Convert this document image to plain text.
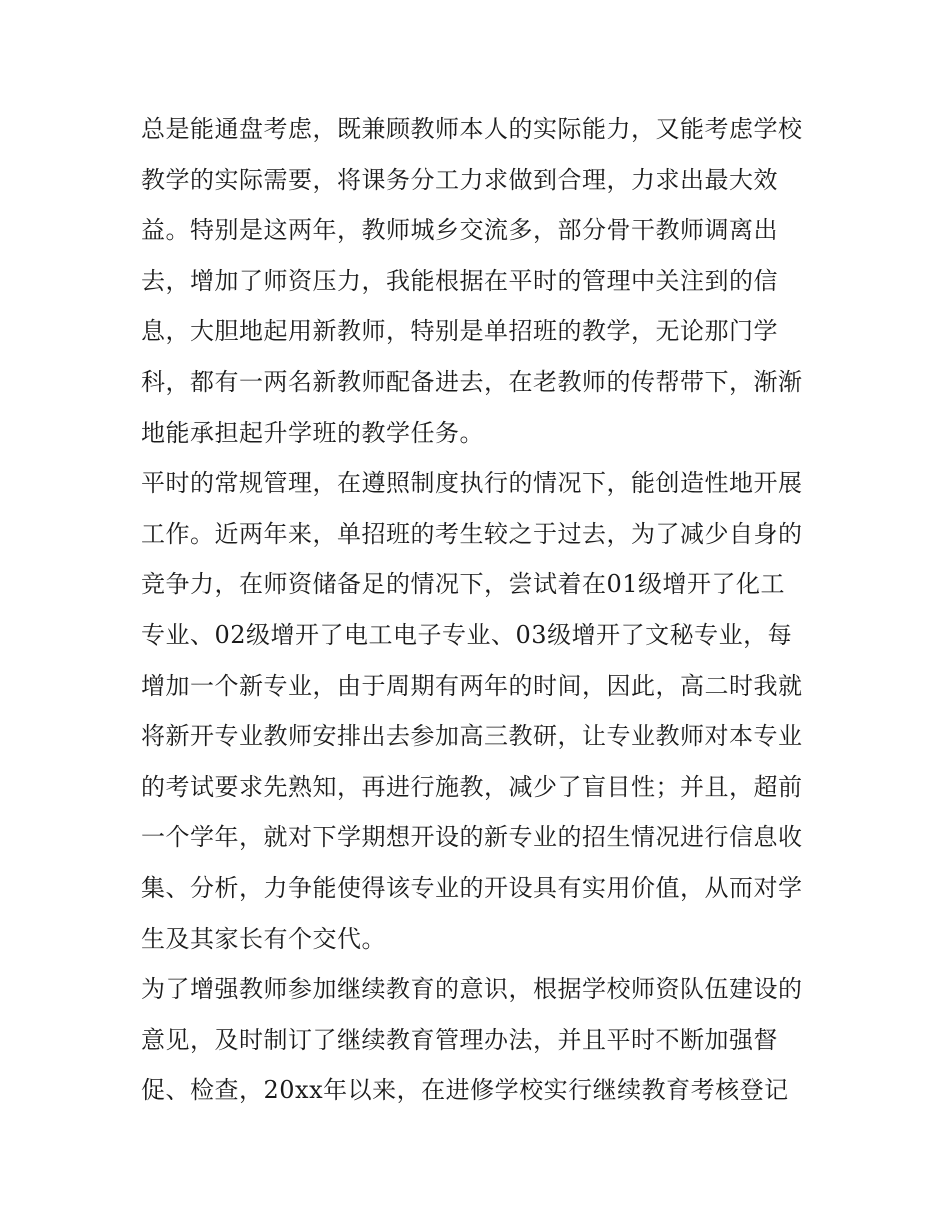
总是能通盘考虑，既兼顾教师本人的实际能力，又能考虑学校
教学的实际需要，将课务分工力求做到合理，力求出最大效
益。特别是这两年，教师城乡交流多，部分骨干教师调离出
去，增加了师资压力，我能根据在平时的管理中关注到的信
息，大胆地起用新教师，特别是单招班的教学，无论那门学
科，都有一两名新教师配备进去，在老教师的传帮带下，渐渐
地能承担起升学班的教学任务。
平时的常规管理，在遵照制度执行的情况下，能创造性地开展
工作。近两年来，单招班的考生较之于过去，为了减少自身的
竞争力，在师资储备足的情况下，尝试着在01级增开了化工
专业、02级增开了电工电子专业、03级增开了文秘专业，每
增加一个新专业，由于周期有两年的时间，因此，高二时我就
将新开专业教师安排出去参加高三教研，让专业教师对本专业
的考试要求先熟知，再进行施教，减少了盲目性；并且，超前
一个学年，就对下学期想开设的新专业的招生情况进行信息收
集、分析，力争能使得该专业的开设具有实用价值，从而对学
生及其家长有个交代。
为了增强教师参加继续教育的意识，根据学校师资队伍建设的
意见，及时制订了继续教育管理办法，并且平时不断加强督
促、检查，20xx年以来，在进修学校实行继续教育考核登记
